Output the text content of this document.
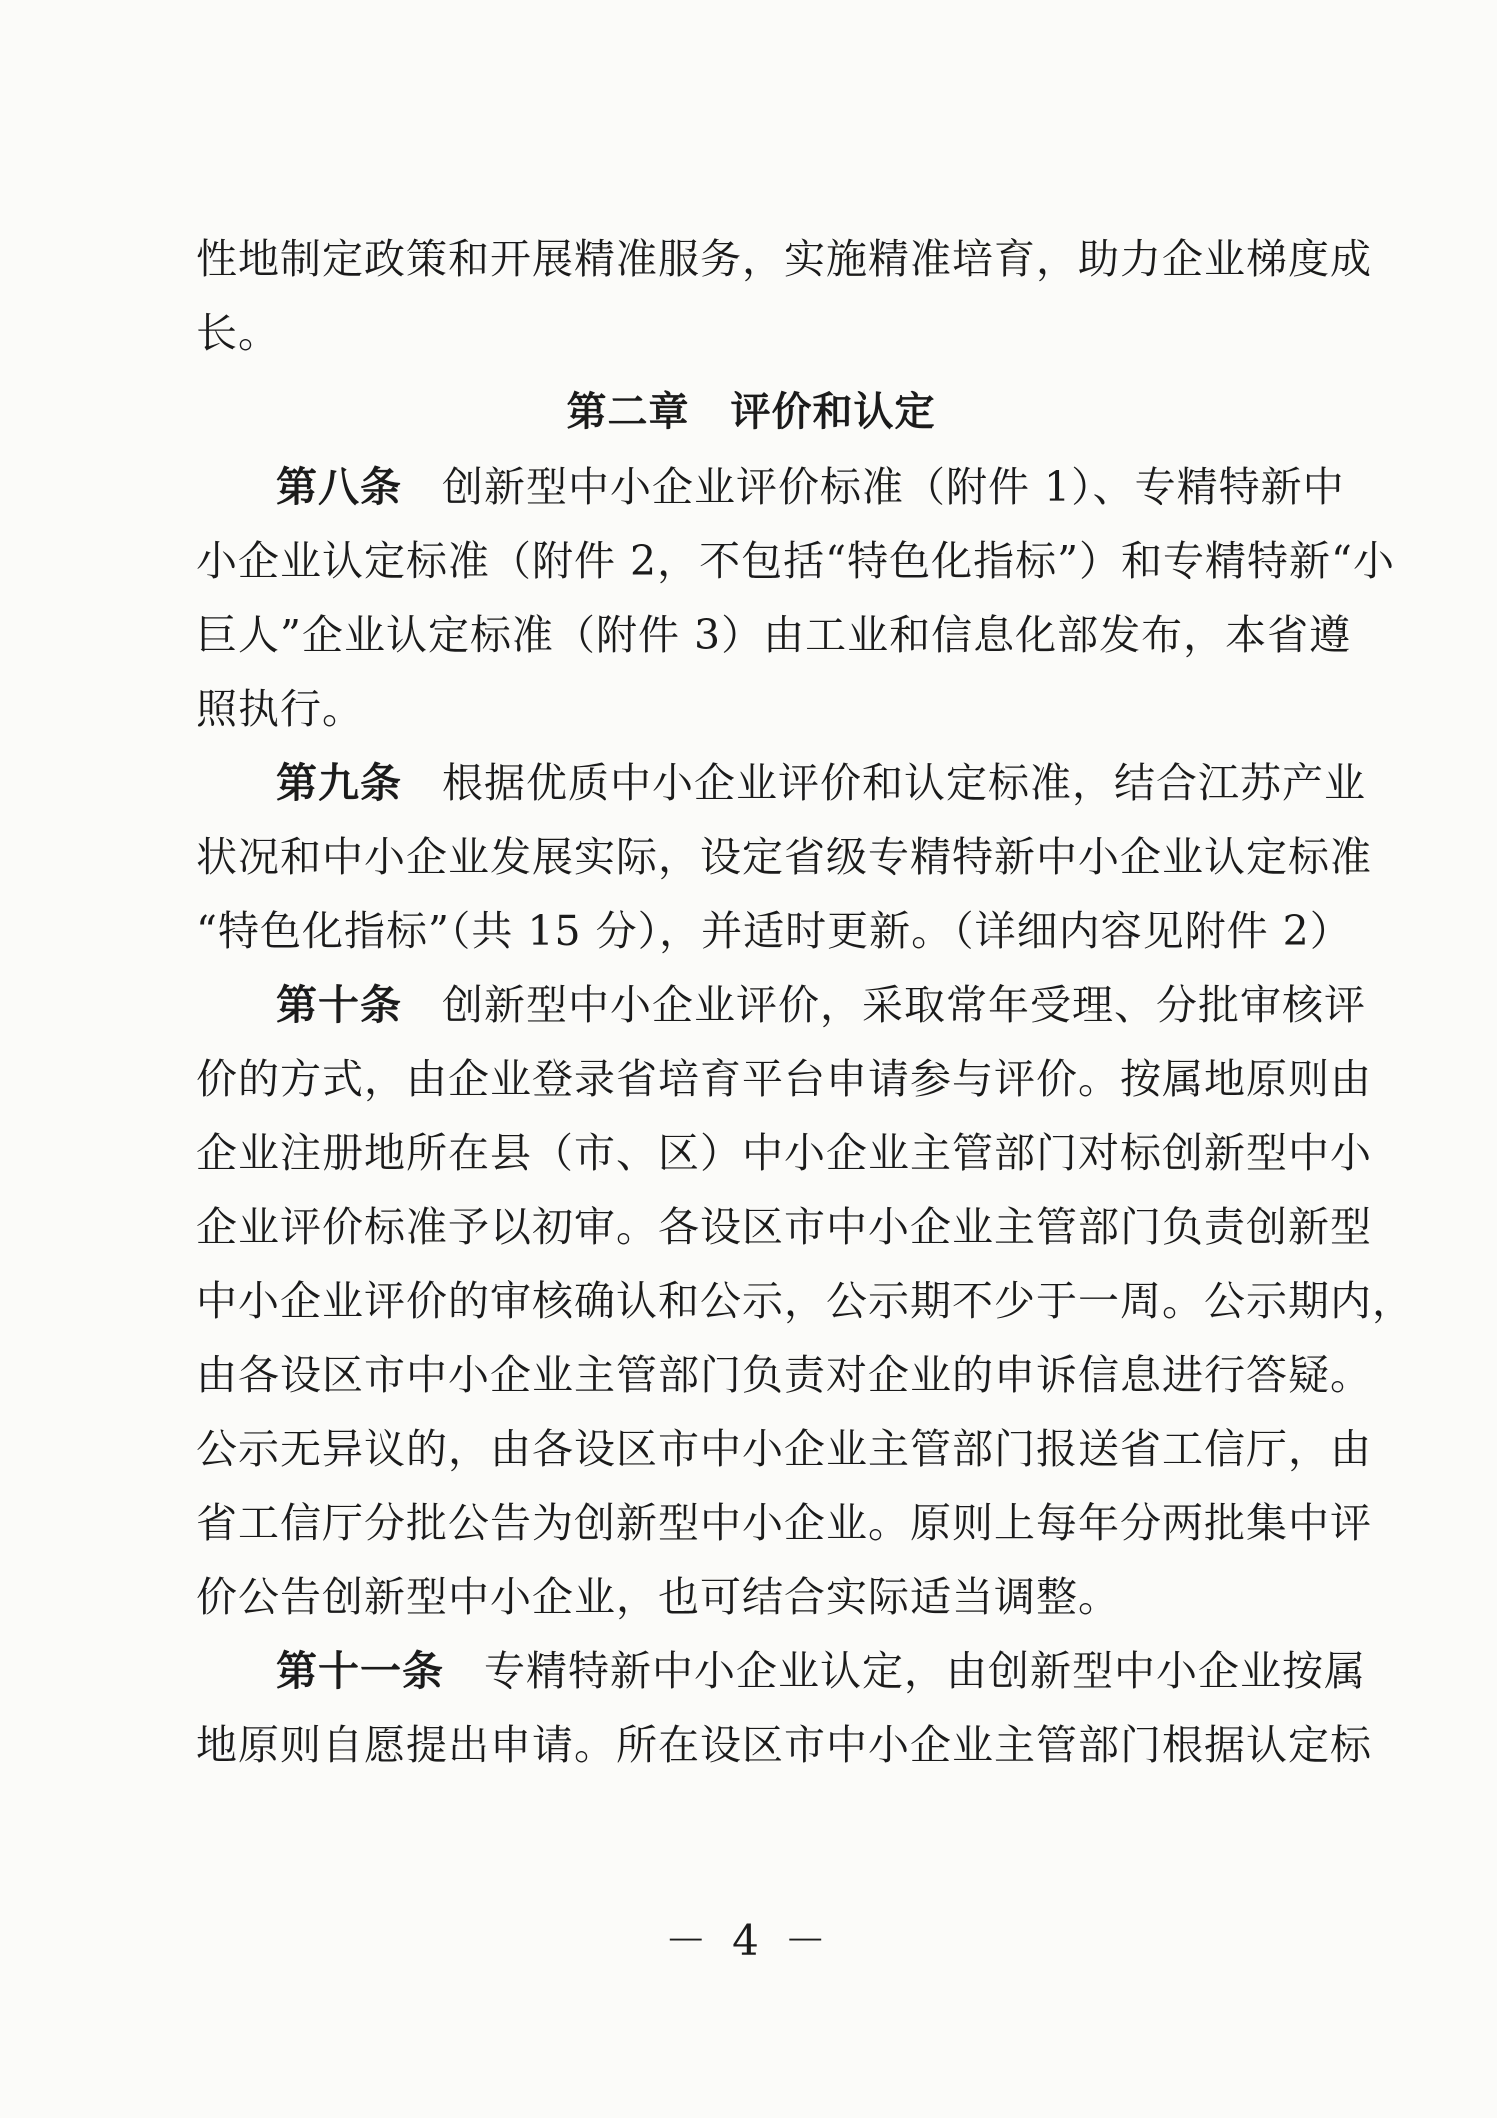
性地制定政策和开展精准服务，实施精准培育，助力企业梯度成
长。
第二章　评价和认定
第八条 创新型中小企业评价标准（附件 1）、专精特新中
小企业认定标准（附件 2，不包括“特色化指标”）和专精特新“小
巨人”企业认定标准（附件 3）由工业和信息化部发布，本省遵
照执行。
第九条 根据优质中小企业评价和认定标准，结合江苏产业
状况和中小企业发展实际，设定省级专精特新中小企业认定标准
“特色化指标”（共 15 分），并适时更新。（详细内容见附件 2）
第十条 创新型中小企业评价，采取常年受理、分批审核评
价的方式，由企业登录省培育平台申请参与评价。按属地原则由
企业注册地所在县（市、区）中小企业主管部门对标创新型中小
企业评价标准予以初审。各设区市中小企业主管部门负责创新型
中小企业评价的审核确认和公示，公示期不少于一周。公示期内，
由各设区市中小企业主管部门负责对企业的申诉信息进行答疑。
公示无异议的，由各设区市中小企业主管部门报送省工信厅，由
省工信厅分批公告为创新型中小企业。原则上每年分两批集中评
价公告创新型中小企业，也可结合实际适当调整。
第十一条 专精特新中小企业认定，由创新型中小企业按属
地原则自愿提出申请。所在设区市中小企业主管部门根据认定标
－ 4 －
